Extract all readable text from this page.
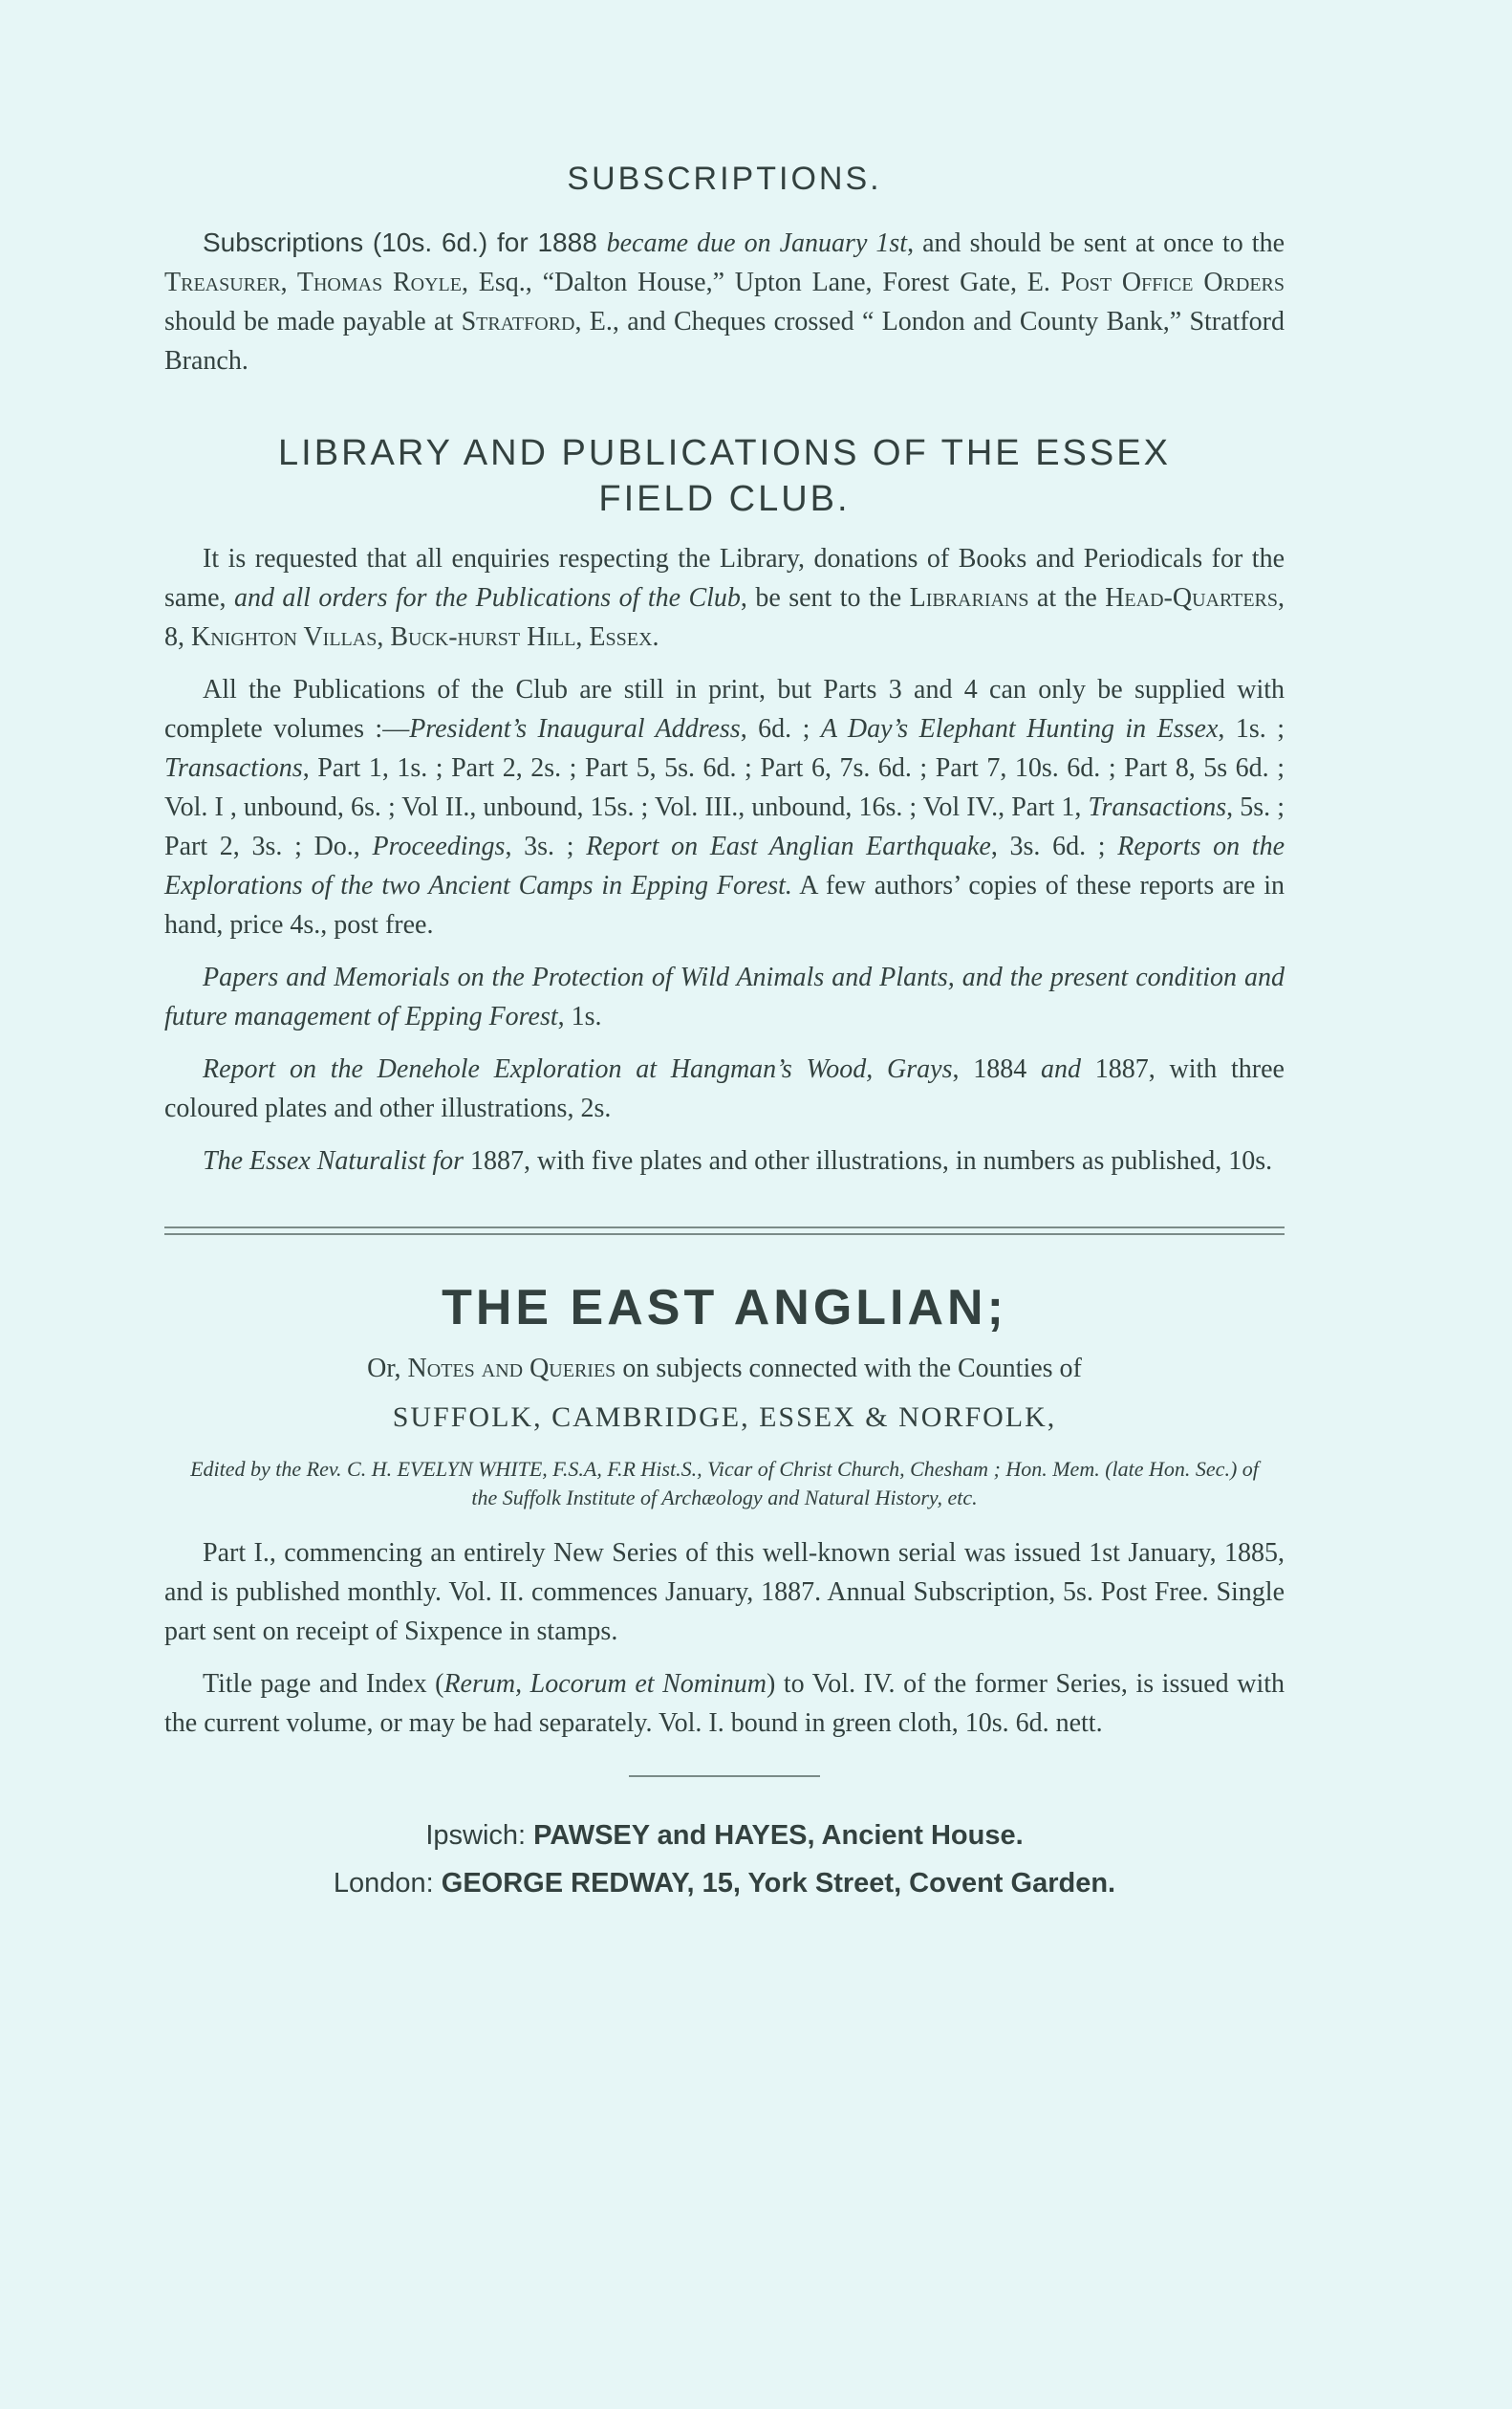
SUBSCRIPTIONS.

Subscriptions (10s. 6d.) for 1888 became due on January 1st, and should be sent at once to the Treasurer, Thomas Royle, Esq., “Dalton House,” Upton Lane, Forest Gate, E. Post Office Orders should be made payable at Stratford, E., and Cheques crossed “ London and County Bank,” Stratford Branch.

LIBRARY AND PUBLICATIONS OF THE ESSEX
FIELD CLUB.

It is requested that all enquiries respecting the Library, donations of Books and Periodicals for the same, and all orders for the Publications of the Club, be sent to the Librarians at the Head-Quarters, 8, Knighton Villas, Buck-hurst Hill, Essex.

All the Publications of the Club are still in print, but Parts 3 and 4 can only be supplied with complete volumes :—President’s Inaugural Address, 6d. ; A Day’s Elephant Hunting in Essex, 1s. ; Transactions, Part 1, 1s. ; Part 2, 2s. ; Part 5, 5s. 6d. ; Part 6, 7s. 6d. ; Part 7, 10s. 6d. ; Part 8, 5s 6d. ; Vol. I , unbound, 6s. ; Vol II., unbound, 15s. ; Vol. III., unbound, 16s. ; Vol IV., Part 1, Transactions, 5s. ; Part 2, 3s. ; Do., Proceedings, 3s. ; Report on East Anglian Earthquake, 3s. 6d. ; Reports on the Explorations of the two Ancient Camps in Epping Forest. A few authors’ copies of these reports are in hand, price 4s., post free.

Papers and Memorials on the Protection of Wild Animals and Plants, and the present condition and future management of Epping Forest, 1s.

Report on the Denehole Exploration at Hangman’s Wood, Grays, 1884 and 1887, with three coloured plates and other illustrations, 2s.

The Essex Naturalist for 1887, with five plates and other illustrations, in numbers as published, 10s.

THE EAST ANGLIAN;
Or, Notes and Queries on subjects connected with the Counties of
SUFFOLK, CAMBRIDGE, ESSEX & NORFOLK,
Edited by the Rev. C. H. EVELYN WHITE, F.S.A, F.R Hist.S., Vicar of Christ Church, Chesham ; Hon. Mem. (late Hon. Sec.) of the Suffolk Institute of Archæology and Natural History, etc.

Part I., commencing an entirely New Series of this well-known serial was issued 1st January, 1885, and is published monthly. Vol. II. commences January, 1887. Annual Subscription, 5s. Post Free. Single part sent on receipt of Sixpence in stamps.

Title page and Index (Rerum, Locorum et Nominum) to Vol. IV. of the former Series, is issued with the current volume, or may be had separately. Vol. I. bound in green cloth, 10s. 6d. nett.

Ipswich: PAWSEY and HAYES, Ancient House.
London: GEORGE REDWAY, 15, York Street, Covent Garden.
